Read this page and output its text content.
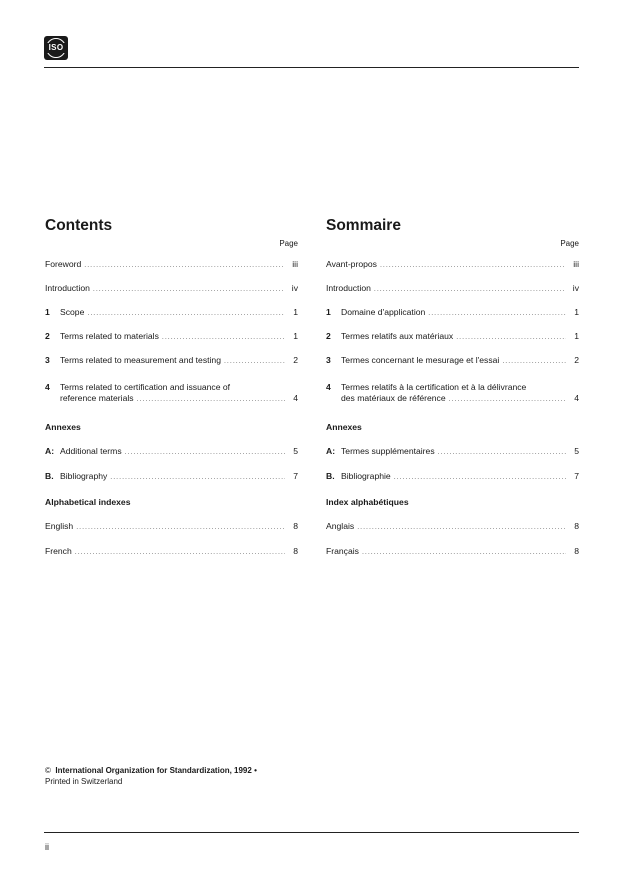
ISO
Contents
Page
Foreword .....	iii
Introduction .....	iv
1	Scope .....	1
2	Terms related to materials .....	1
3	Terms related to measurement and testing .....	2
4	Terms related to certification and issuance of
reference materials .....	4
Annexes
A: Additional terms .....	5
B. Bibliography .....	7
Alphabetical indexes
English .....	8
French .....	8
Sommaire
Page
Avant-propos .....	iii
Introduction .....	iv
1	Domaine d'application .....	1
2	Termes relatifs aux matériaux .....	1
3	Termes concernant le mesurage et l'essai .....	2
4	Termes relatifs à la certification et à la délivrance
des matériaux de référence .....	4
Annexes
A: Termes supplémentaires .....	5
B. Bibliographie .....	7
Index alphabétiques
Anglais .....	8
Français .....	8
© International Organization for Standardization, 1992 •
Printed in Switzerland
ii
